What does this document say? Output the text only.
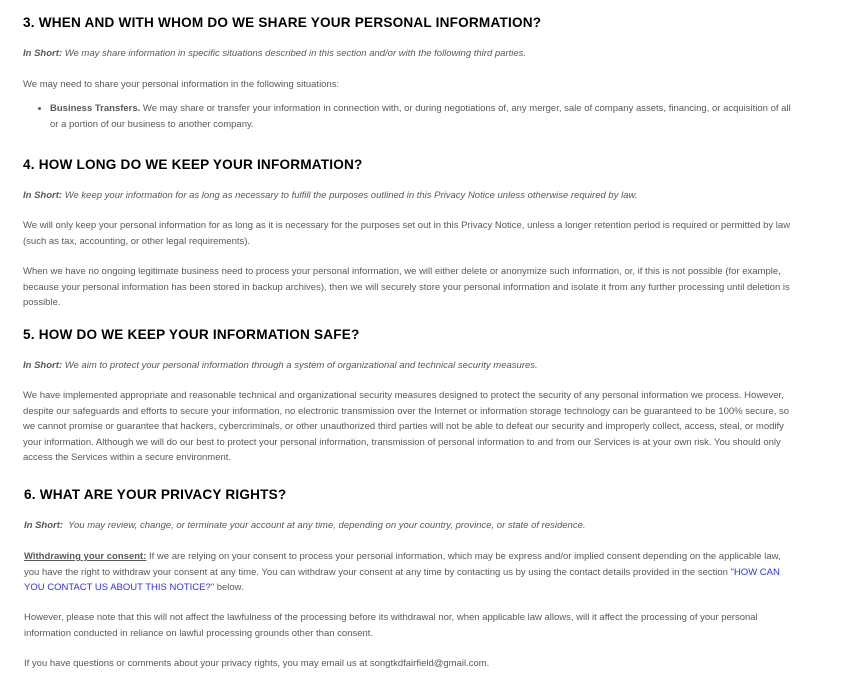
3. WHEN AND WITH WHOM DO WE SHARE YOUR PERSONAL INFORMATION?
In Short: We may share information in specific situations described in this section and/or with the following third parties.

We may need to share your personal information in the following situations:

Business Transfers. We may share or transfer your information in connection with, or during negotiations of, any merger, sale of company assets, financing, or acquisition of all or a portion of our business to another company.

4. HOW LONG DO WE KEEP YOUR INFORMATION?
In Short: We keep your information for as long as necessary to fulfill the purposes outlined in this Privacy Notice unless otherwise required by law.

We will only keep your personal information for as long as it is necessary for the purposes set out in this Privacy Notice, unless a longer retention period is required or permitted by law (such as tax, accounting, or other legal requirements).

When we have no ongoing legitimate business need to process your personal information, we will either delete or anonymize such information, or, if this is not possible (for example, because your personal information has been stored in backup archives), then we will securely store your personal information and isolate it from any further processing until deletion is possible.

5. HOW DO WE KEEP YOUR INFORMATION SAFE?
In Short: We aim to protect your personal information through a system of organizational and technical security measures.

We have implemented appropriate and reasonable technical and organizational security measures designed to protect the security of any personal information we process. However, despite our safeguards and efforts to secure your information, no electronic transmission over the Internet or information storage technology can be guaranteed to be 100% secure, so we cannot promise or guarantee that hackers, cybercriminals, or other unauthorized third parties will not be able to defeat our security and improperly collect, access, steal, or modify your information. Although we will do our best to protect your personal information, transmission of personal information to and from our Services is at your own risk. You should only access the Services within a secure environment.

6. WHAT ARE YOUR PRIVACY RIGHTS?
In Short:  You may review, change, or terminate your account at any time, depending on your country, province, or state of residence.

Withdrawing your consent: If we are relying on your consent to process your personal information, which may be express and/or implied consent depending on the applicable law, you have the right to withdraw your consent at any time. You can withdraw your consent at any time by contacting us by using the contact details provided in the section "HOW CAN YOU CONTACT US ABOUT THIS NOTICE?" below.

However, please note that this will not affect the lawfulness of the processing before its withdrawal nor, when applicable law allows, will it affect the processing of your personal information conducted in reliance on lawful processing grounds other than consent.

If you have questions or comments about your privacy rights, you may email us at songtkdfairfield@gmail.com.
